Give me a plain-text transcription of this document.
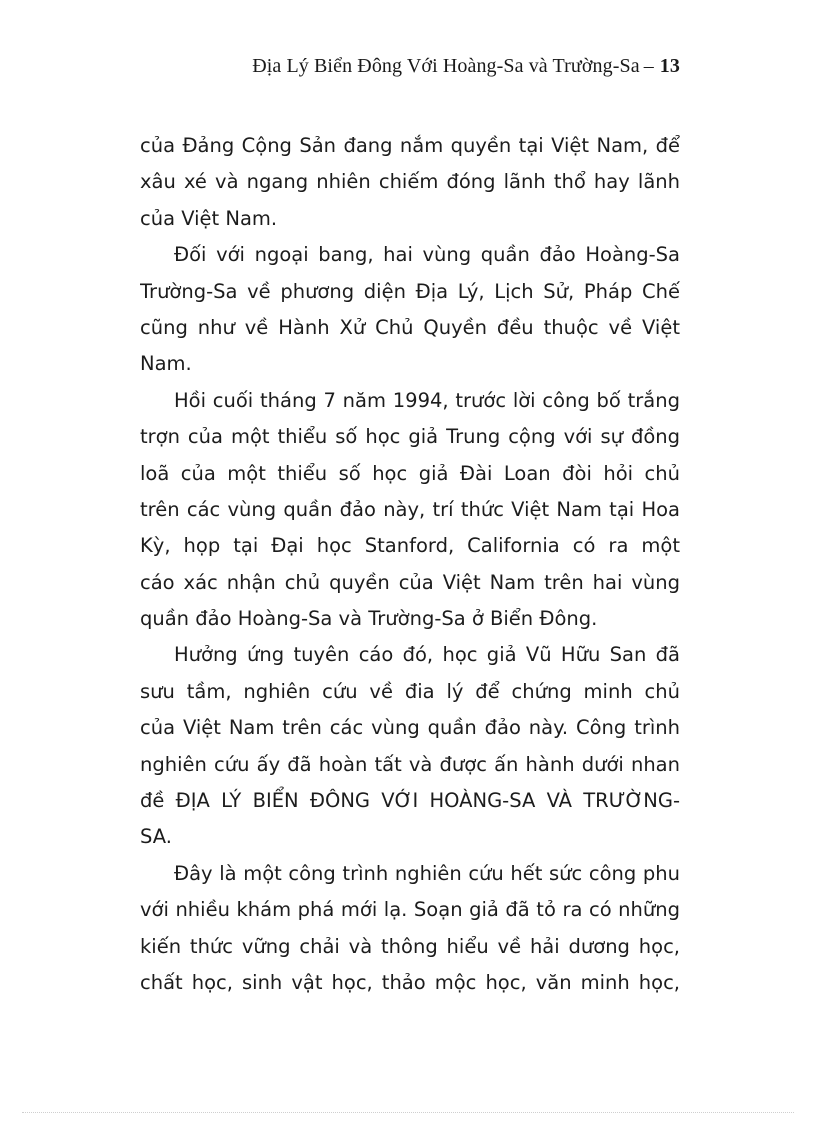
Địa Lý Biển Đông Với Hoàng-Sa và Trường-Sa – 13
của Đảng Cộng Sản đang nắm quyền tại Việt Nam, để
xâu xé và ngang nhiên chiếm đóng lãnh thổ hay lãnh
của Việt Nam.
Đối với ngoại bang, hai vùng quần đảo Hoàng-Sa
Trường-Sa về phương diện Địa Lý, Lịch Sử, Pháp Chế
cũng như về Hành Xử Chủ Quyền đều thuộc về Việt
Nam.
Hồi cuối tháng 7 năm 1994, trước lời công bố trắng
trợn của một thiểu số học giả Trung cộng với sự đồng
loã của một thiểu số học giả Đài Loan đòi hỏi chủ
trên các vùng quần đảo này, trí thức Việt Nam tại Hoa
Kỳ, họp tại Đại học Stanford, California có ra một
cáo xác nhận chủ quyền của Việt Nam trên hai vùng
quần đảo Hoàng-Sa và Trường-Sa ở Biển Đông.
Hưởng ứng tuyên cáo đó, học giả Vũ Hữu San đã
sưu tầm, nghiên cứu về đia lý để chứng minh chủ
của Việt Nam trên các vùng quần đảo này. Công trình
nghiên cứu ấy đã hoàn tất và được ấn hành dưới nhan
đề ĐỊA LÝ BIỂN ĐÔNG VỚI HOÀNG-SA VÀ TRƯỜNG-
SA.
Đây là một công trình nghiên cứu hết sức công phu
với nhiều khám phá mới lạ. Soạn giả đã tỏ ra có những
kiến thức vững chải và thông hiểu về hải dương học,
chất học, sinh vật học, thảo mộc học, văn minh học,
